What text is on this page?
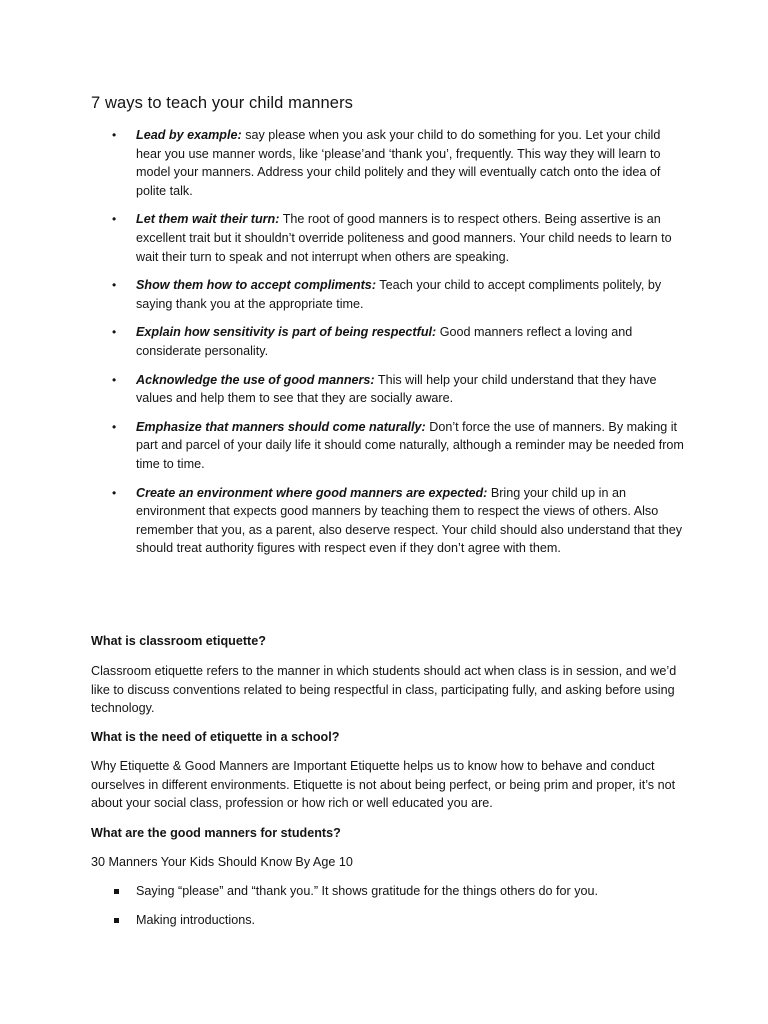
7 ways to teach your child manners
• Lead by example: say please when you ask your child to do something for you. Let your child hear you use manner words, like ‘please’and ‘thank you’, frequently. This way they will learn to model your manners. Address your child politely and they will eventually catch onto the idea of polite talk.
• Let them wait their turn: The root of good manners is to respect others. Being assertive is an excellent trait but it shouldn’t override politeness and good manners. Your child needs to learn to wait their turn to speak and not interrupt when others are speaking.
• Show them how to accept compliments: Teach your child to accept compliments politely, by saying thank you at the appropriate time.
• Explain how sensitivity is part of being respectful: Good manners reflect a loving and considerate personality.
• Acknowledge the use of good manners: This will help your child understand that they have values and help them to see that they are socially aware.
• Emphasize that manners should come naturally: Don’t force the use of manners. By making it part and parcel of your daily life it should come naturally, although a reminder may be needed from time to time.
• Create an environment where good manners are expected: Bring your child up in an environment that expects good manners by teaching them to respect the views of others. Also remember that you, as a parent, also deserve respect. Your child should also understand that they should treat authority figures with respect even if they don’t agree with them.
What is classroom etiquette?
Classroom etiquette refers to the manner in which students should act when class is in session, and we’d like to discuss conventions related to being respectful in class, participating fully, and asking before using technology.
What is the need of etiquette in a school?
Why Etiquette & Good Manners are Important Etiquette helps us to know how to behave and conduct ourselves in different environments. Etiquette is not about being perfect, or being prim and proper, it’s not about your social class, profession or how rich or well educated you are.
What are the good manners for students?
30 Manners Your Kids Should Know By Age 10
Saying “please” and “thank you.” It shows gratitude for the things others do for you.
Making introductions.
